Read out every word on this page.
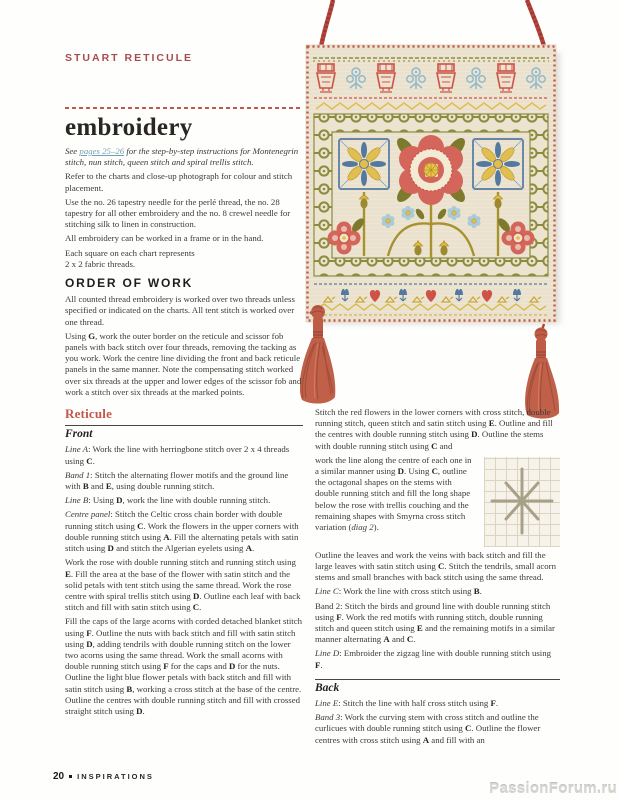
STUART RETICULE
embroidery

See pages 25–26 for the step-by-step instructions for Montenegrin stitch, nun stitch, queen stitch and spiral trellis stitch.

Refer to the charts and close-up photograph for colour and stitch placement.

Use the no. 26 tapestry needle for the perlé thread, the no. 28 tapestry for all other embroidery and the no. 8 crewel needle for stitching silk to linen in construction.

All embroidery can be worked in a frame or in the hand.

Each square on each chart represents
2 x 2 fabric threads.

ORDER OF WORK

All counted thread embroidery is worked over two threads unless specified or indicated on the charts. All tent stitch is worked over one thread.

Using G, work the outer border on the reticule and scissor fob panels with back stitch over four threads, removing the tacking as you work. Work the centre line dividing the front and back reticule panels in the same manner. Note the compensating stitch worked over six threads at the upper and lower edges of the scissor fob and work a stitch over six threads at the marked points.

Reticule
Front

Line A: Work the line with herringbone stitch over 2 x 4 threads using C.

Band 1: Stitch the alternating flower motifs and the ground line with B and E, using double running stitch.

Line B: Using D, work the line with double running stitch.

Centre panel: Stitch the Celtic cross chain border with double running stitch using C. Work the flowers in the upper corners with double running stitch using A. Fill the alternating petals with satin stitch using D and stitch the Algerian eyelets using A.

Work the rose with double running stitch and running stitch using E. Fill the area at the base of the flower with satin stitch and the solid petals with tent stitch using the same thread. Work the rose centre with spiral trellis stitch using D. Outline each leaf with back stitch and fill with satin stitch using C.

Fill the caps of the large acorns with corded detached blanket stitch using F. Outline the nuts with back stitch and fill with satin stitch using D, adding tendrils with double running stitch on the lower two acorns using the same thread. Work the small acorns with double running stitch using F for the caps and D for the nuts. Outline the light blue flower petals with back stitch and fill with satin stitch using B, working a cross stitch at the base of the centre. Outline the centres with double running stitch and fill with crossed straight stitch using D.

Stitch the red flowers in the lower corners with cross stitch, double running stitch, queen stitch and satin stitch using E. Outline and fill the centres with double running stitch using D. Outline the stems with double running stitch using C and

work the line along the centre of each one in a similar manner using D. Using C, outline the octagonal shapes on the stems with double running stitch and fill the long shape below the rose with trellis couching and the remaining shapes with Smyrna cross stitch variation (diag 2).

Outline the leaves and work the veins with back stitch and fill the large leaves with satin stitch using C. Stitch the tendrils, small acorn stems and small branches with back stitch using the same thread.

Line C: Work the line with cross stitch using B.

Band 2: Stitch the birds and ground line with double running stitch using F. Work the red motifs with running stitch, double running stitch and queen stitch using E and the remaining motifs in a similar manner alternating A and C.

Line D: Embroider the zigzag line with double running stitch using F.

Back

Line E: Stitch the line with half cross stitch using F.

Band 3: Work the curving stem with cross stitch and outline the curlicues with double running stitch using C. Outline the flower centres with cross stitch using A and fill with an

20 INSPIRATIONS
PassionForum.ru
